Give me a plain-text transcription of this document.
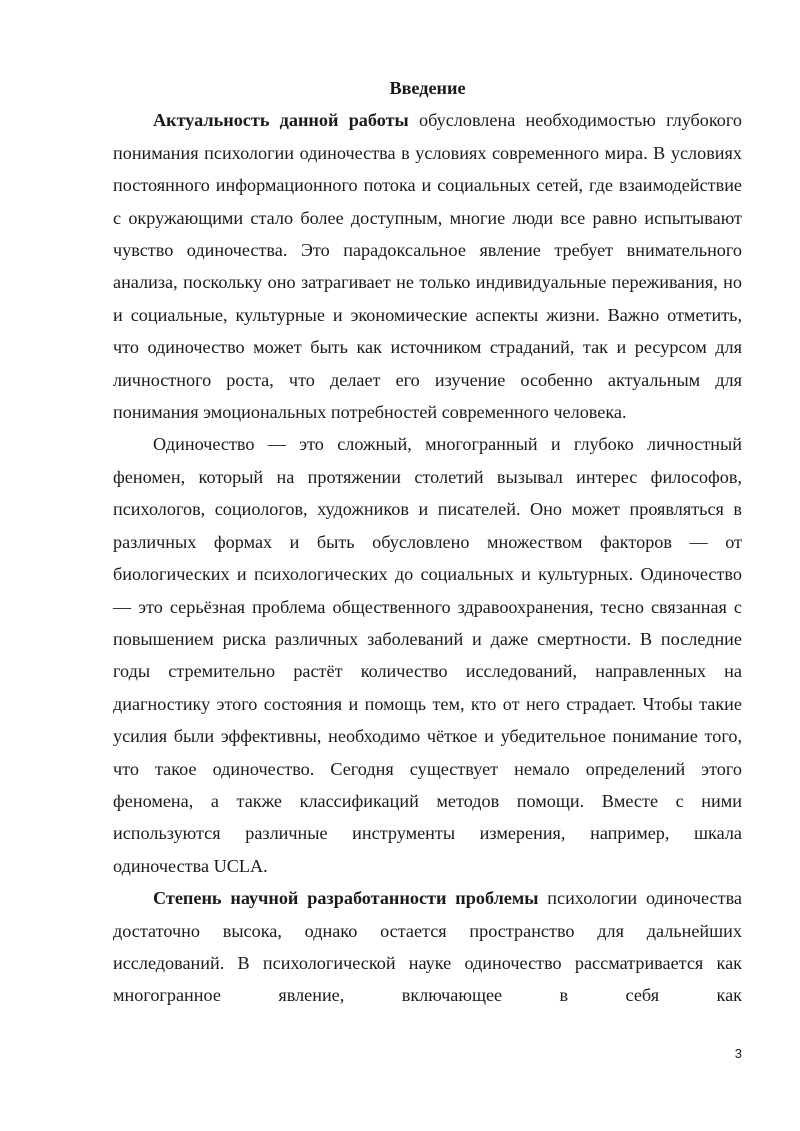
Введение

Актуальность данной работы обусловлена необходимостью глубокого понимания психологии одиночества в условиях современного мира. В условиях постоянного информационного потока и социальных сетей, где взаимодействие с окружающими стало более доступным, многие люди все равно испытывают чувство одиночества. Это парадоксальное явление требует внимательного анализа, поскольку оно затрагивает не только индивидуальные переживания, но и социальные, культурные и экономические аспекты жизни. Важно отметить, что одиночество может быть как источником страданий, так и ресурсом для личностного роста, что делает его изучение особенно актуальным для понимания эмоциональных потребностей современного человека.

Одиночество — это сложный, многогранный и глубоко личностный феномен, который на протяжении столетий вызывал интерес философов, психологов, социологов, художников и писателей. Оно может проявляться в различных формах и быть обусловлено множеством факторов — от биологических и психологических до социальных и культурных. Одиночество — это серьёзная проблема общественного здравоохранения, тесно связанная с повышением риска различных заболеваний и даже смертности. В последние годы стремительно растёт количество исследований, направленных на диагностику этого состояния и помощь тем, кто от него страдает. Чтобы такие усилия были эффективны, необходимо чёткое и убедительное понимание того, что такое одиночество. Сегодня существует немало определений этого феномена, а также классификаций методов помощи. Вместе с ними используются различные инструменты измерения, например, шкала одиночества UCLA.

Степень научной разработанности проблемы психологии одиночества достаточно высока, однако остается пространство для дальнейших исследований. В психологической науке одиночество рассматривается как многогранное явление, включающее в себя как

3
